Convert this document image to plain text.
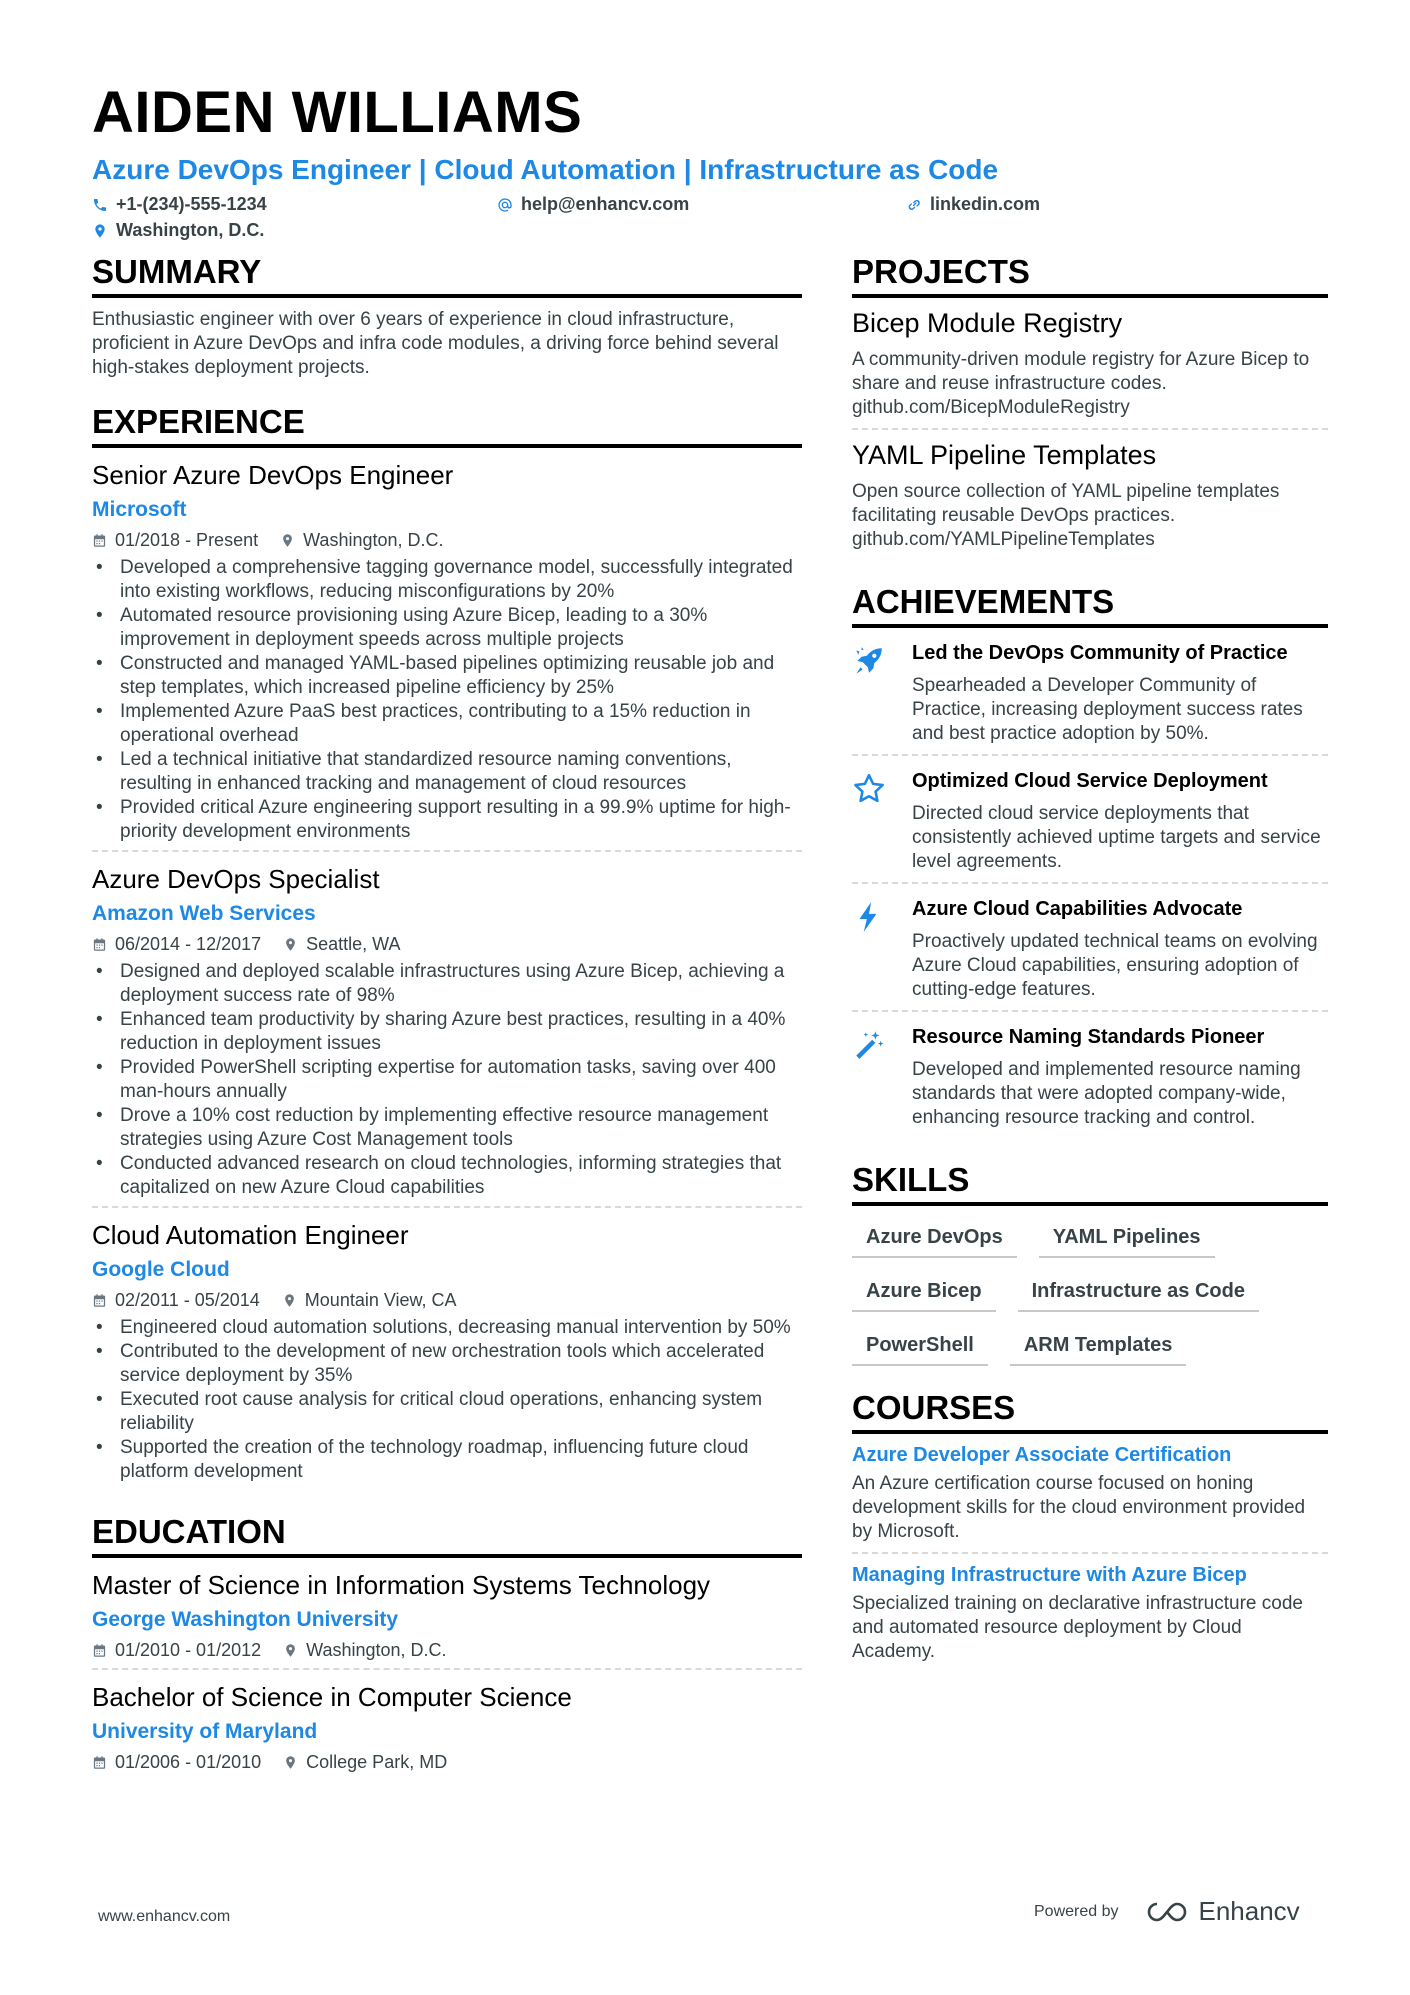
AIDEN WILLIAMS
Azure DevOps Engineer | Cloud Automation | Infrastructure as Code
+1-(234)-555-1234	help@enhancv.com	linkedin.com
Washington, D.C.
SUMMARY
Enthusiastic engineer with over 6 years of experience in cloud infrastructure, proficient in Azure DevOps and infra code modules, a driving force behind several high-stakes deployment projects.
EXPERIENCE
Senior Azure DevOps Engineer
Microsoft
01/2018 - Present	Washington, D.C.
• Developed a comprehensive tagging governance model, successfully integrated into existing workflows, reducing misconfigurations by 20%
• Automated resource provisioning using Azure Bicep, leading to a 30% improvement in deployment speeds across multiple projects
• Constructed and managed YAML-based pipelines optimizing reusable job and step templates, which increased pipeline efficiency by 25%
• Implemented Azure PaaS best practices, contributing to a 15% reduction in operational overhead
• Led a technical initiative that standardized resource naming conventions, resulting in enhanced tracking and management of cloud resources
• Provided critical Azure engineering support resulting in a 99.9% uptime for high-priority development environments
Azure DevOps Specialist
Amazon Web Services
06/2014 - 12/2017	Seattle, WA
• Designed and deployed scalable infrastructures using Azure Bicep, achieving a deployment success rate of 98%
• Enhanced team productivity by sharing Azure best practices, resulting in a 40% reduction in deployment issues
• Provided PowerShell scripting expertise for automation tasks, saving over 400 man-hours annually
• Drove a 10% cost reduction by implementing effective resource management strategies using Azure Cost Management tools
• Conducted advanced research on cloud technologies, informing strategies that capitalized on new Azure Cloud capabilities
Cloud Automation Engineer
Google Cloud
02/2011 - 05/2014	Mountain View, CA
• Engineered cloud automation solutions, decreasing manual intervention by 50%
• Contributed to the development of new orchestration tools which accelerated service deployment by 35%
• Executed root cause analysis for critical cloud operations, enhancing system reliability
• Supported the creation of the technology roadmap, influencing future cloud platform development
EDUCATION
Master of Science in Information Systems Technology
George Washington University
01/2010 - 01/2012	Washington, D.C.
Bachelor of Science in Computer Science
University of Maryland
01/2006 - 01/2010	College Park, MD
PROJECTS
Bicep Module Registry
A community-driven module registry for Azure Bicep to share and reuse infrastructure codes.
github.com/BicepModuleRegistry
YAML Pipeline Templates
Open source collection of YAML pipeline templates facilitating reusable DevOps practices.
github.com/YAMLPipelineTemplates
ACHIEVEMENTS
Led the DevOps Community of Practice
Spearheaded a Developer Community of Practice, increasing deployment success rates and best practice adoption by 50%.
Optimized Cloud Service Deployment
Directed cloud service deployments that consistently achieved uptime targets and service level agreements.
Azure Cloud Capabilities Advocate
Proactively updated technical teams on evolving Azure Cloud capabilities, ensuring adoption of cutting-edge features.
Resource Naming Standards Pioneer
Developed and implemented resource naming standards that were adopted company-wide, enhancing resource tracking and control.
SKILLS
Azure DevOps	YAML Pipelines
Azure Bicep	Infrastructure as Code
PowerShell	ARM Templates
COURSES
Azure Developer Associate Certification
An Azure certification course focused on honing development skills for the cloud environment provided by Microsoft.
Managing Infrastructure with Azure Bicep
Specialized training on declarative infrastructure code and automated resource deployment by Cloud Academy.
www.enhancv.com	Powered by	Enhancv
